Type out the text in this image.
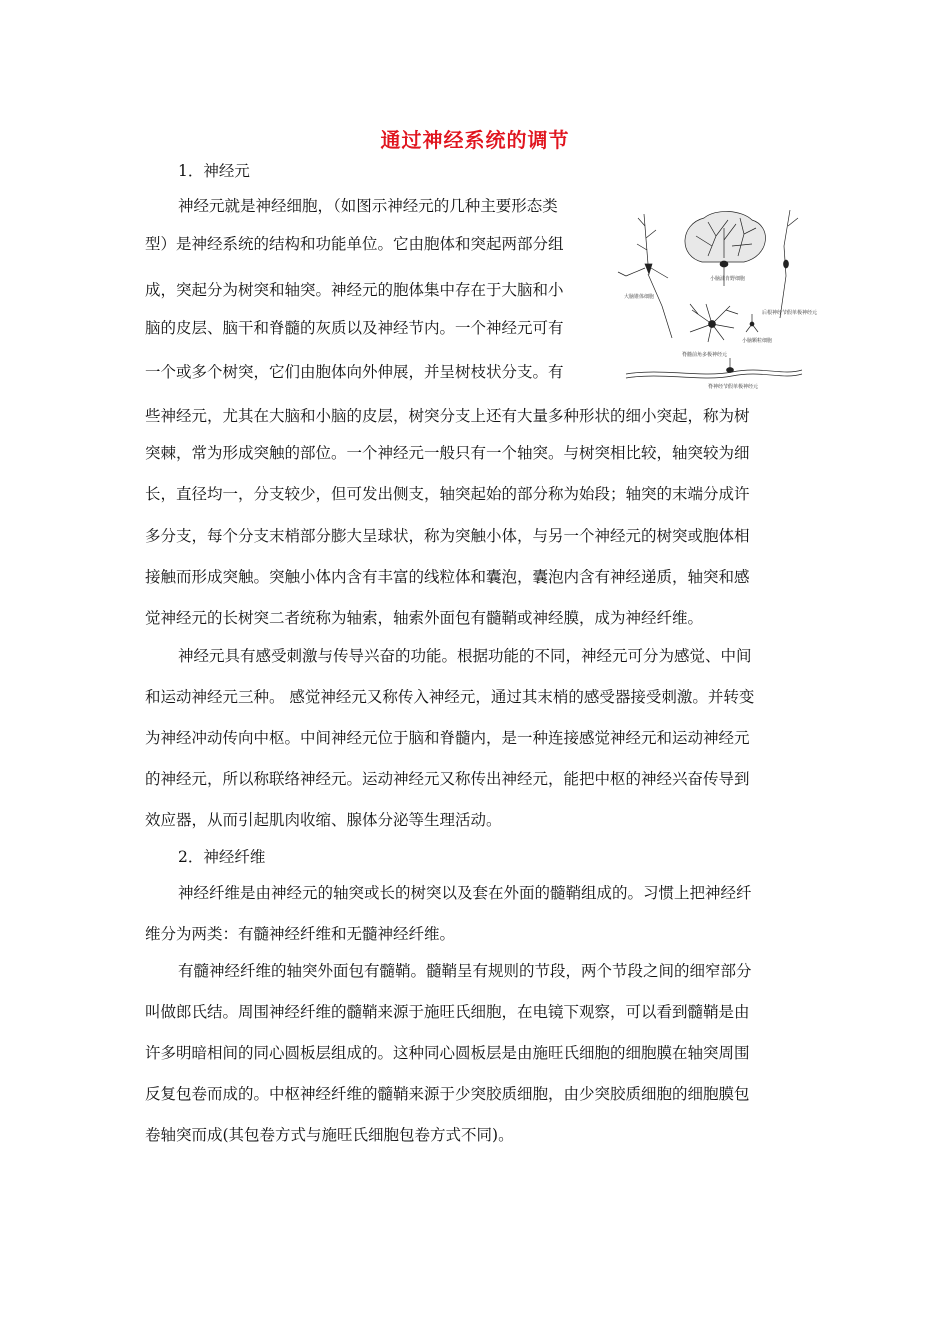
通过神经系统的调节
1．神经元
神经元就是神经细胞，（如图示神经元的几种主要形态类
型）是神经系统的结构和功能单位。它由胞体和突起两部分组
成，突起分为树突和轴突。神经元的胞体集中存在于大脑和小
脑的皮层、脑干和脊髓的灰质以及神经节内。一个神经元可有
一个或多个树突，它们由胞体向外伸展，并呈树枝状分支。有
些神经元，尤其在大脑和小脑的皮层，树突分支上还有大量多种形状的细小突起，称为树
突棘，常为形成突触的部位。一个神经元一般只有一个轴突。与树突相比较，轴突较为细
长，直径均一，分支较少，但可发出侧支，轴突起始的部分称为始段；轴突的末端分成许
多分支，每个分支末梢部分膨大呈球状，称为突触小体，与另一个神经元的树突或胞体相
接触而形成突触。突触小体内含有丰富的线粒体和囊泡，囊泡内含有神经递质，轴突和感
觉神经元的长树突二者统称为轴索，轴索外面包有髓鞘或神经膜，成为神经纤维。
神经元具有感受刺激与传导兴奋的功能。根据功能的不同，神经元可分为感觉、中间
和运动神经元三种。 感觉神经元又称传入神经元，通过其末梢的感受器接受刺激。并转变
为神经冲动传向中枢。中间神经元位于脑和脊髓内，是一种连接感觉神经元和运动神经元
的神经元，所以称联络神经元。运动神经元又称传出神经元，能把中枢的神经兴奋传导到
效应器，从而引起肌肉收缩、腺体分泌等生理活动。
2．神经纤维
神经纤维是由神经元的轴突或长的树突以及套在外面的髓鞘组成的。习惯上把神经纤
维分为两类：有髓神经纤维和无髓神经纤维。
有髓神经纤维的轴突外面包有髓鞘。髓鞘呈有规则的节段，两个节段之间的细窄部分
叫做郎氏结。周围神经纤维的髓鞘来源于施旺氏细胞，在电镜下观察，可以看到髓鞘是由
许多明暗相间的同心圆板层组成的。这种同心圆板层是由施旺氏细胞的细胞膜在轴突周围
反复包卷而成的。中枢神经纤维的髓鞘来源于少突胶质细胞，由少突胶质细胞的细胞膜包
卷轴突而成(其包卷方式与施旺氏细胞包卷方式不同)。
大脑锥体细胞
小脑浦肯野细胞
脊髓前角多极神经元
小脑颗粒细胞
后根神经节假单极神经元
脊神经节假单极神经元
